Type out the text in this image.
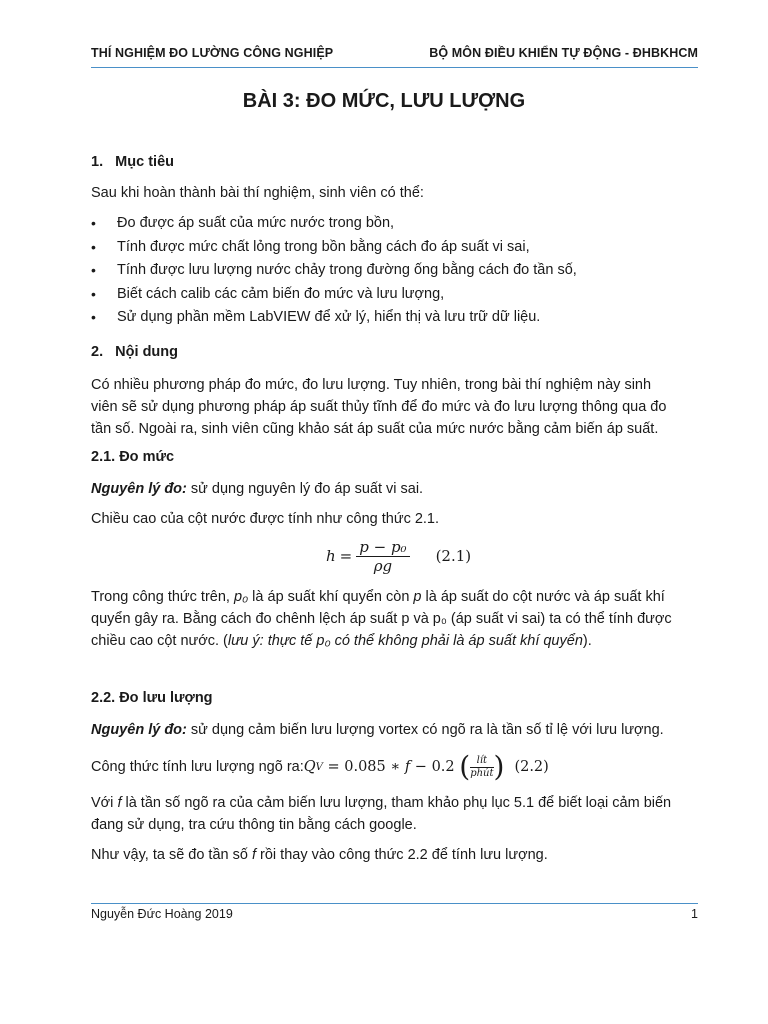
THÍ NGHIỆM ĐO LƯỜNG CÔNG NGHIỆP	BỘ MÔN ĐIỀU KHIỂN TỰ ĐỘNG - ĐHBKHCM
BÀI 3: ĐO MỨC, LƯU LƯỢNG
1.   Mục tiêu
Sau khi hoàn thành bài thí nghiệm, sinh viên có thể:
• Đo được áp suất của mức nước trong bồn,
• Tính được mức chất lỏng trong bồn bằng cách đo áp suất vi sai,
• Tính được lưu lượng nước chảy trong đường ống bằng cách đo tần số,
• Biết cách calib các cảm biến đo mức và lưu lượng,
• Sử dụng phần mềm LabVIEW để xử lý, hiển thị và lưu trữ dữ liệu.
2.   Nội dung
Có nhiều phương pháp đo mức, đo lưu lượng. Tuy nhiên, trong bài thí nghiệm này sinh
viên sẽ sử dụng phương pháp áp suất thủy tĩnh để đo mức và đo lưu lượng thông qua đo
tần số. Ngoài ra, sinh viên cũng khảo sát áp suất của mức nước bằng cảm biến áp suất.
2.1. Đo mức
Nguyên lý đo: sử dụng nguyên lý đo áp suất vi sai.
Chiều cao của cột nước được tính như công thức 2.1.
$h = \frac{\text{p − p₀}}{\rho g} (2.1)$
Trong công thức trên, p₀ là áp suất khí quyển còn p là áp suất do cột nước và áp suất khí
quyển gây ra. Bằng cách đo chênh lệch áp suất p và p₀ (áp suất vi sai) ta có thể tính được
chiều cao cột nước. (lưu ý: thực tế p₀ có thể không phải là áp suất khí quyển).
2.2. Đo lưu lượng
Nguyên lý đo: sử dụng cảm biến lưu lượng vortex có ngõ ra là tần số tỉ lệ với lưu lượng.
Công thức tính lưu lượng ngõ ra: Q V = 0.085 ∗ f − 0.2 ( $\frac{\text{lít}}{\text{phút}}$ ) (2.2)
Với f là tần số ngõ ra của cảm biến lưu lượng, tham khảo phụ lục 5.1 để biết loại cảm biến
đang sử dụng, tra cứu thông tin bằng cách google.
Như vậy, ta sẽ đo tần số f rồi thay vào công thức 2.2 để tính lưu lượng.
Nguyễn Đức Hoàng 2019	1
